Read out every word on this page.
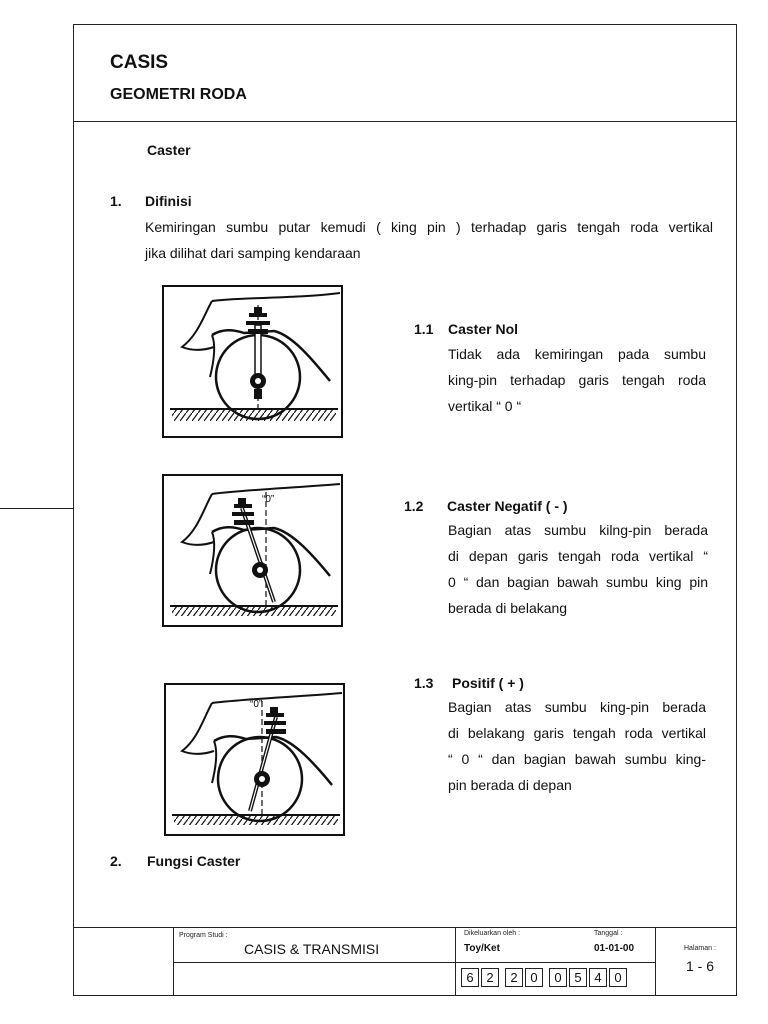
CASIS
GEOMETRI RODA
Caster
1. Difinisi
Kemiringan sumbu putar kemudi ( king pin ) terhadap garis tengah roda vertikal
jika dilihat dari samping kendaraan
1.1 Caster Nol
Tidak ada kemiringan pada sumbu
king-pin terhadap garis tengah roda
vertikal “ 0 “
1.2 Caster Negatif ( - )
Bagian atas sumbu kilng-pin berada
di depan garis tengah roda vertikal “
0 “ dan bagian bawah sumbu king pin
berada di belakang
1.3 Positif ( + )
Bagian atas sumbu king-pin berada
di belakang garis tengah roda vertikal
“ 0 “ dan bagian bawah sumbu king-
pin berada di depan
“0”
“0”
2. Fungsi Caster
Program Studi :
CASIS & TRANSMISI
Dikeluarkan oleh :
Toy/Ket
Tanggal :
01-01-00	Halaman :
1 - 6
6 2	2 0	0 5 4 0
